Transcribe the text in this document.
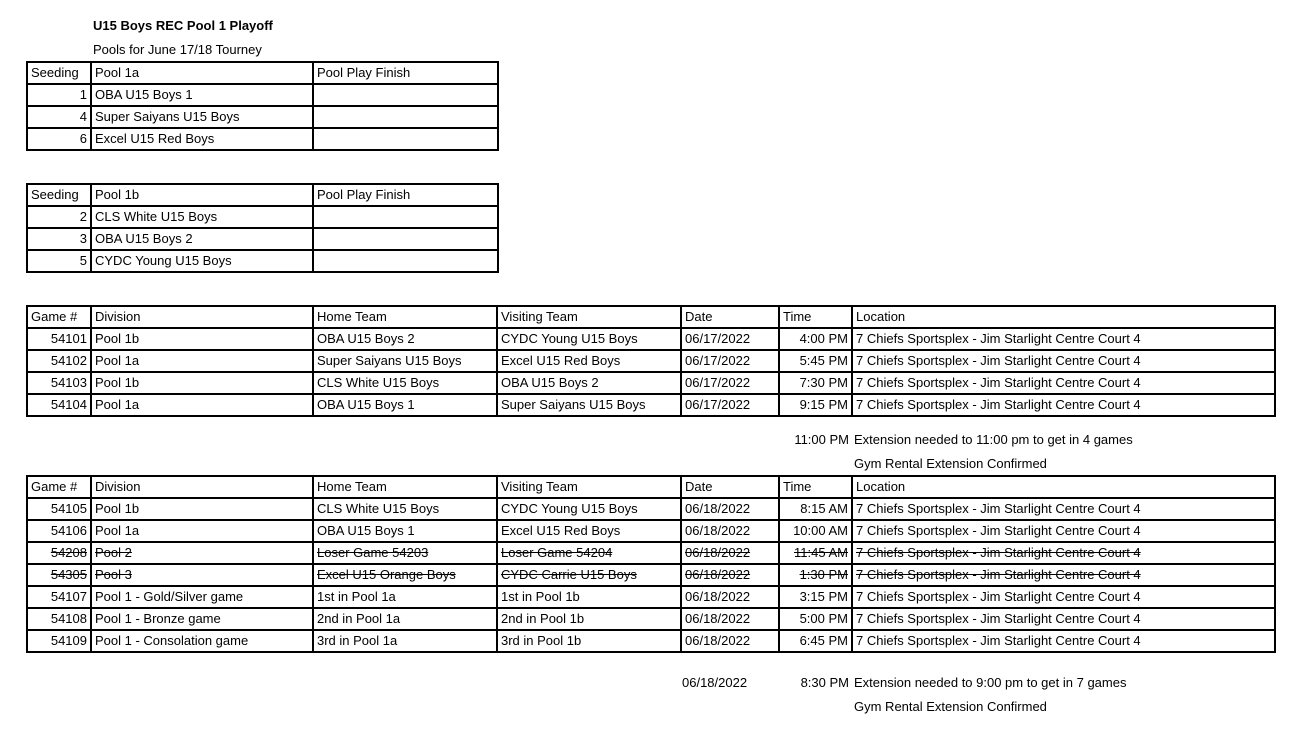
U15 Boys REC Pool 1 Playoff
Pools for June 17/18 Tourney
Seeding	Pool 1a	Pool Play Finish
1	OBA U15 Boys 1	
4	Super Saiyans U15 Boys	
6	Excel U15 Red Boys	
Seeding	Pool 1b	Pool Play Finish
2	CLS White U15 Boys	
3	OBA U15 Boys 2	
5	CYDC Young U15 Boys	
Game #	Division	Home Team	Visiting Team	Date	Time	Location
54101	Pool 1b	OBA U15 Boys 2	CYDC Young U15 Boys	06/17/2022	4:00 PM	7 Chiefs Sportsplex - Jim Starlight Centre Court 4
54102	Pool 1a	Super Saiyans U15 Boys	Excel U15 Red Boys	06/17/2022	5:45 PM	7 Chiefs Sportsplex - Jim Starlight Centre Court 4
54103	Pool 1b	CLS White U15 Boys	OBA U15 Boys 2	06/17/2022	7:30 PM	7 Chiefs Sportsplex - Jim Starlight Centre Court 4
54104	Pool 1a	OBA U15 Boys 1	Super Saiyans U15 Boys	06/17/2022	9:15 PM	7 Chiefs Sportsplex - Jim Starlight Centre Court 4
11:00 PM Extension needed to 11:00 pm to get in 4 games
Gym Rental Extension Confirmed
Game #	Division	Home Team	Visiting Team	Date	Time	Location
54105	Pool 1b	CLS White U15 Boys	CYDC Young U15 Boys	06/18/2022	8:15 AM	7 Chiefs Sportsplex - Jim Starlight Centre Court 4
54106	Pool 1a	OBA U15 Boys 1	Excel U15 Red Boys	06/18/2022	10:00 AM	7 Chiefs Sportsplex - Jim Starlight Centre Court 4
54208	Pool 2	Loser Game 54203	Loser Game 54204	06/18/2022	11:45 AM	7 Chiefs Sportsplex - Jim Starlight Centre Court 4
54305	Pool 3	Excel U15 Orange Boys	CYDC Carrie U15 Boys	06/18/2022	1:30 PM	7 Chiefs Sportsplex - Jim Starlight Centre Court 4
54107	Pool 1 - Gold/Silver game	1st in Pool 1a	1st in Pool 1b	06/18/2022	3:15 PM	7 Chiefs Sportsplex - Jim Starlight Centre Court 4
54108	Pool 1 - Bronze game	2nd in Pool 1a	2nd in Pool 1b	06/18/2022	5:00 PM	7 Chiefs Sportsplex - Jim Starlight Centre Court 4
54109	Pool 1 - Consolation game	3rd in Pool 1a	3rd in Pool 1b	06/18/2022	6:45 PM	7 Chiefs Sportsplex - Jim Starlight Centre Court 4
06/18/2022	8:30 PM Extension needed to 9:00 pm to get in 7 games
Gym Rental Extension Confirmed
